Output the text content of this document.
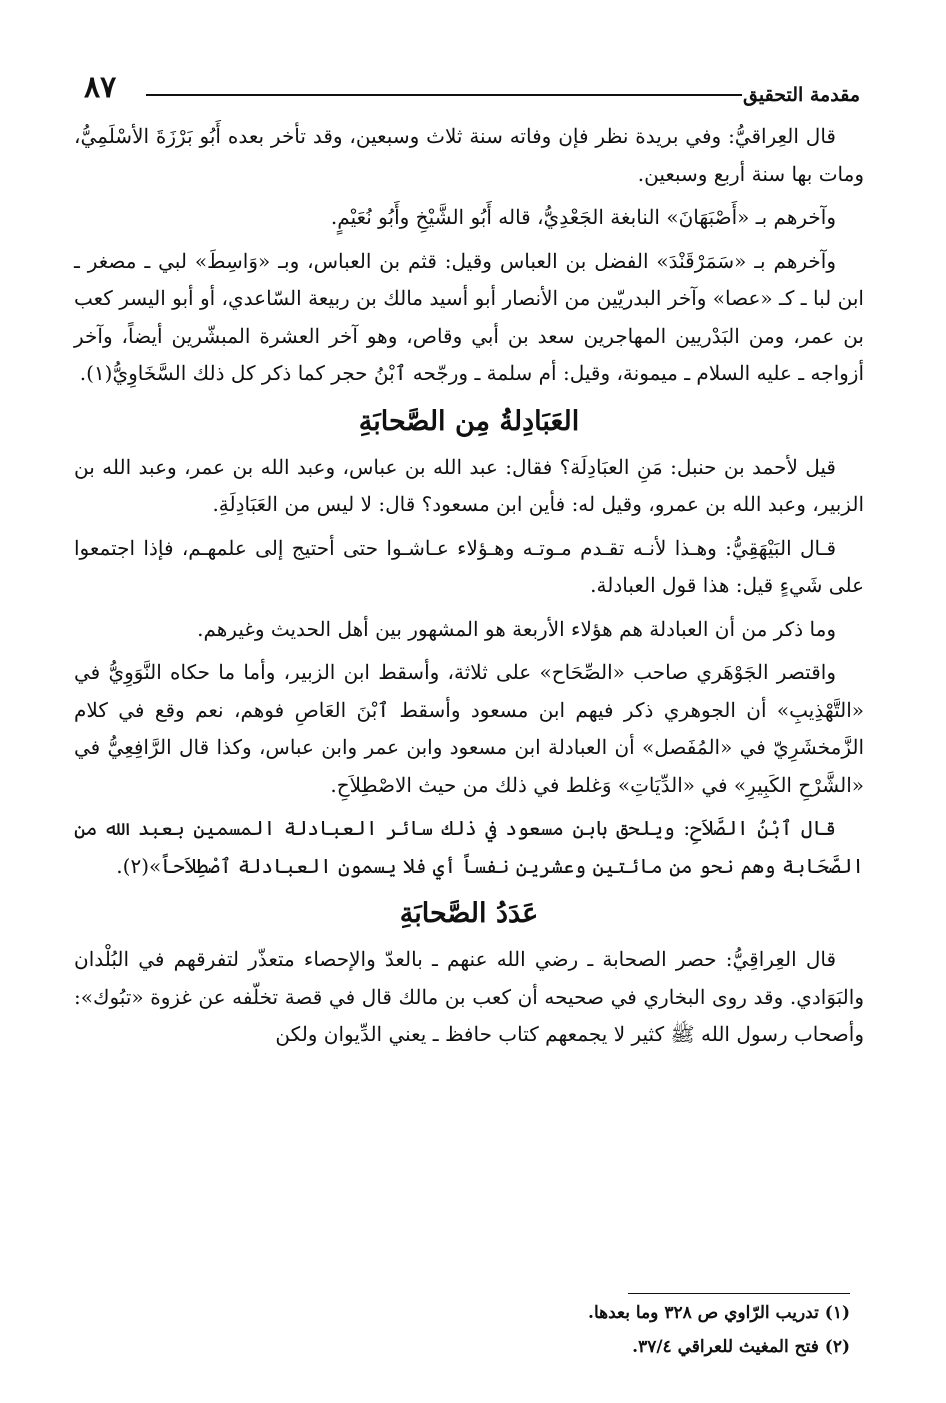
٨٧	مقدمة التحقيق

قال العِراقيُّ: وفي بريدة نظر فإن وفاته سنة ثلاث وسبعين، وقد تأخر بعده أَبُو بَرْزَةَ الأسْلَمِيُّ، ومات بها سنة أربع وسبعين.

وآخرهم بـ «أَصْبَهَانَ» النابغة الجَعْدِيُّ، قاله أَبُو الشَّيْخِ وأَبُو نُعَيْمٍ.

وآخرهم بـ «سَمَرْقَنْدَ» الفضل بن العباس وقيل: قثم بن العباس، وبـ «وَاسِطَ» لبي ـ مصغر ـ ابن لبا ـ كـ «عصا» وآخر البدريّين من الأنصار أبو أسيد مالك بن ربيعة السّاعدي، أو أبو اليسر كعب بن عمر، ومن البَدْريين المهاجرين سعد بن أبي وقاص، وهو آخر العشرة المبشّرين أيضاً، وآخر أزواجه ـ عليه السلام ـ ميمونة، وقيل: أم سلمة ـ ورجّحه ٱبْنُ حجر كما ذكر كل ذلك السَّخَاوِيُّ(١).

العَبَادِلةُ مِن الصَّحابَةِ

قيل لأحمد بن حنبل: مَنِ العبَادِلَة؟ فقال: عبد الله بن عباس، وعبد الله بن عمر، وعبد الله بن الزبير، وعبد الله بن عمرو، وقيل له: فأين ابن مسعود؟ قال: لا ليس من العَبَادِلَةِ.

قـال البَيْهَقِيُّ: وهـذا لأنـه تقـدم مـوتـه وهـؤلاء عـاشـوا حتى أحتيج إلى علمهـم، فإذا اجتمعوا على شَيءٍ قيل: هذا قول العبادلة.

وما ذكر من أن العبادلة هم هؤلاء الأربعة هو المشهور بين أهل الحديث وغيرهم.

واقتصر الجَوْهَري صاحب «الصِّحَاح» على ثلاثة، وأسقط ابن الزبير، وأما ما حكاه النَّوَوِيُّ في «التَّهْذِيبِ» أن الجوهري ذكر فيهم ابن مسعود وأسقط ٱبْنَ العَاصِ فوهم، نعم وقع في كلام الزَّمخشَرِيّ في «المُفَصل» أن العبادلة ابن مسعود وابن عمر وابن عباس، وكذا قال الرَّافِعِيُّ في «الشَّرْحِ الكَبِيرِ» في «الدِّيَاتِ» وَغلط في ذلك من حيث الاصْطِلاَحِ.

قال ٱبْنُ الصَّلاَحِ: ويلحق بابن مسعود في ذلك سائر العبادلة المسمين بعبد الله من الصَّحَابة وهم نحو من مائتين وعشرين نفساً أي فلا يسمون العبادلة ٱصْطِلاَحاً»(٢).

عَدَدُ الصَّحابَةِ

قال العِراقِيُّ: حصر الصحابة ـ رضي الله عنهم ـ بالعدّ والإحصاء متعذّر لتفرقهم في البُلْدان والبَوَادي. وقد روى البخاري في صحيحه أن كعب بن مالك قال في قصة تخلّفه عن غزوة «تبُوك»: وأصحاب رسول الله ﷺ كثير لا يجمعهم كتاب حافظ ـ يعني الدِّيوان ولكن

(١) تدريب الرّاوي ص ٣٢٨ وما بعدها.

(٢) فتح المغيث للعراقي ٣٧/٤.
